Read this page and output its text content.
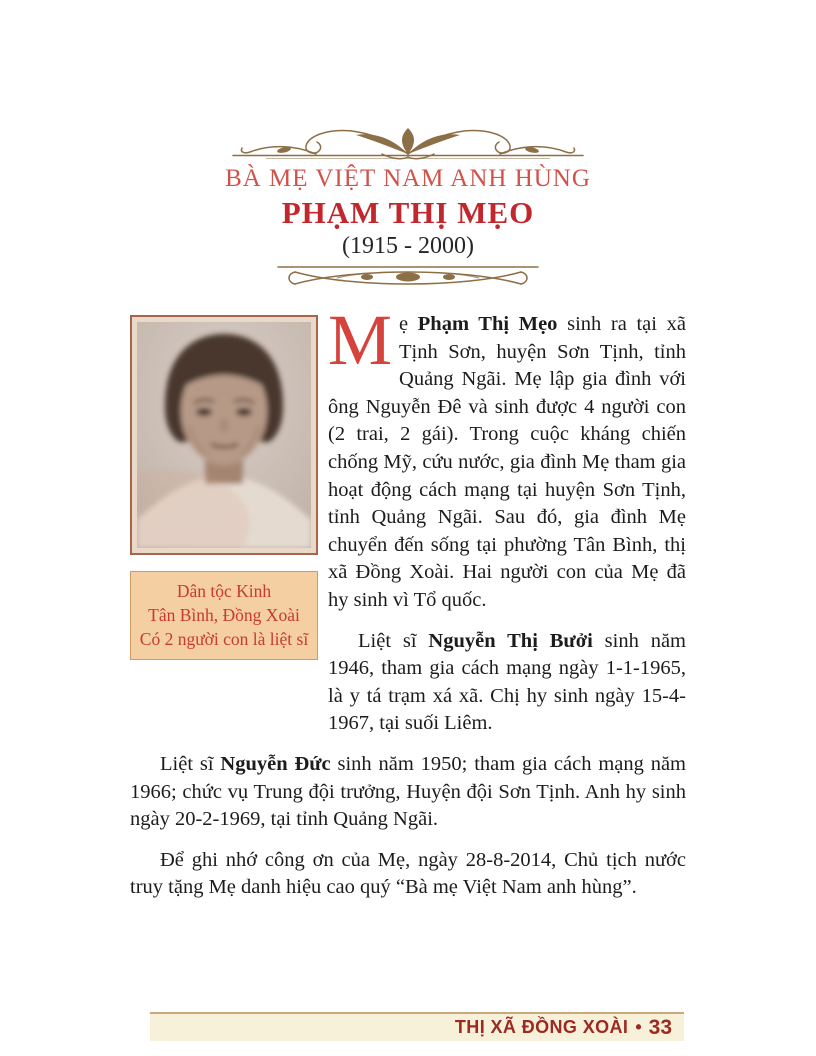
BÀ MẸ VIỆT NAM ANH HÙNG
PHẠM THỊ MẸO
(1915 - 2000)
Dân tộc Kinh
Tân Bình, Đồng Xoài
Có 2 người con là liệt sĩ

Mẹ Phạm Thị Mẹo sinh ra tại xã Tịnh Sơn, huyện Sơn Tịnh, tỉnh Quảng Ngãi. Mẹ lập gia đình với ông Nguyễn Đê và sinh được 4 người con (2 trai, 2 gái). Trong cuộc kháng chiến chống Mỹ, cứu nước, gia đình Mẹ tham gia hoạt động cách mạng tại huyện Sơn Tịnh, tỉnh Quảng Ngãi. Sau đó, gia đình Mẹ chuyển đến sống tại phường Tân Bình, thị xã Đồng Xoài. Hai người con của Mẹ đã hy sinh vì Tổ quốc.

Liệt sĩ Nguyễn Thị Bưởi sinh năm 1946, tham gia cách mạng ngày 1-1-1965, là y tá trạm xá xã. Chị hy sinh ngày 15-4-1967, tại suối Liêm.

Liệt sĩ Nguyễn Đức sinh năm 1950; tham gia cách mạng năm 1966; chức vụ Trung đội trưởng, Huyện đội Sơn Tịnh. Anh hy sinh ngày 20-2-1969, tại tỉnh Quảng Ngãi.

Để ghi nhớ công ơn của Mẹ, ngày 28-8-2014, Chủ tịch nước truy tặng Mẹ danh hiệu cao quý “Bà mẹ Việt Nam anh hùng”.

THỊ XÃ ĐỒNG XOÀI • 33
